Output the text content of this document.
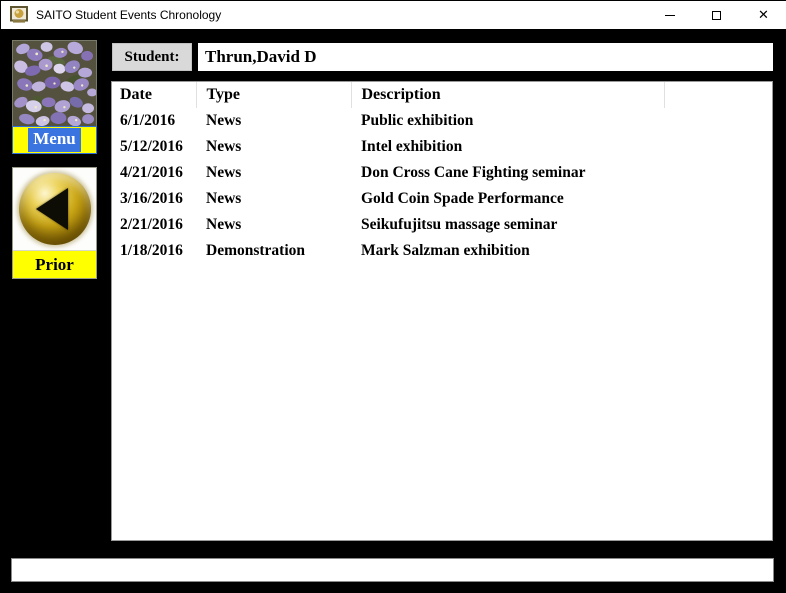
SAITO Student Events Chronology	✕
Menu
Prior
Student:	Thrun,David D
Date	Type	Description	
6/1/2016	News	Public exhibition	
5/12/2016	News	Intel exhibition	
4/21/2016	News	Don Cross Cane Fighting seminar	
3/16/2016	News	Gold Coin Spade Performance	
2/21/2016	News	Seikufujitsu massage seminar	
1/18/2016	Demonstration	Mark Salzman exhibition	
